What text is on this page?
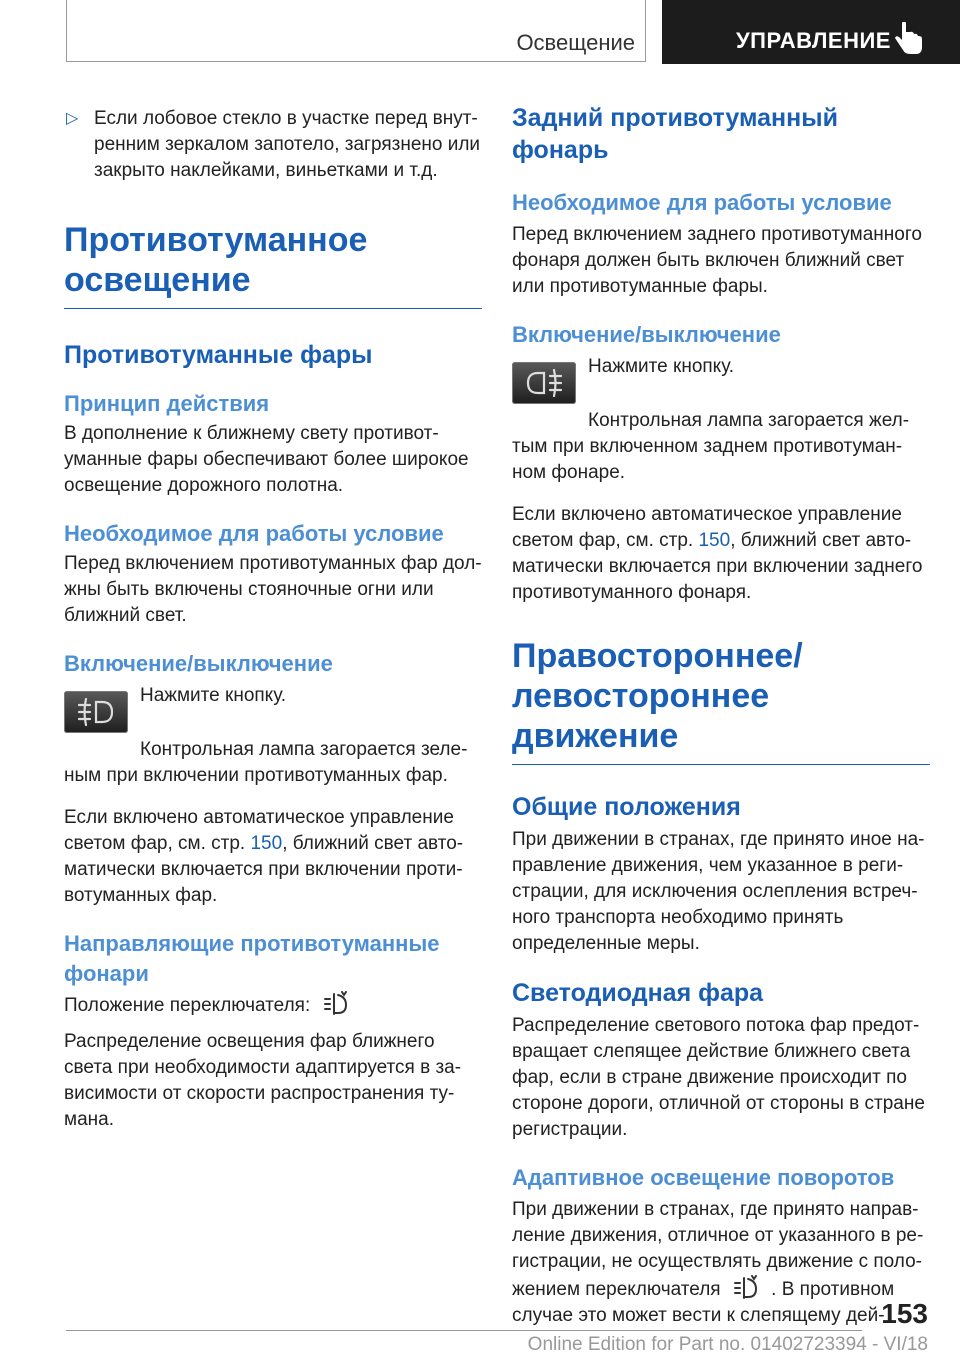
Освещение	УПРАВЛЕНИЕ

▷ Если лобовое стекло в участке перед внут‐ренним зеркалом запотело, загрязнено или закрыто наклейками, виньетками и т.д.

Противотуманное освещение
Противотуманные фары
Принцип действия

В дополнение к ближнему свету противот‐уманные фары обеспечивают более широкое освещение дорожного полотна.

Необходимое для работы условие

Перед включением противотуманных фар дол‐жны быть включены стояночные огни или ближний свет.

Включение/выключение

Нажмите кнопку.

Контрольная лампа загорается зеле‐ным при включении противотуманных фар.

Если включено автоматическое управление светом фар, см. стр. 150, ближний свет авто‐матически включается при включении проти‐вотуманных фар.

Направляющие противотуманные фонари

Положение переключателя:

Распределение освещения фар ближнего света при необходимости адаптируется в за‐висимости от скорости распространения ту‐мана.

Задний противотуманный фонарь
Необходимое для работы условие

Перед включением заднего противотуманного фонаря должен быть включен ближний свет или противотуманные фары.

Включение/выключение

Нажмите кнопку.

Контрольная лампа загорается жел‐тым при включенном заднем противотуман‐ном фонаре.

Если включено автоматическое управление светом фар, см. стр. 150, ближний свет авто‐матически включается при включении заднего противотуманного фонаря.

Правостороннее/левостороннее движение
Общие положения

При движении в странах, где принято иное на‐правление движения, чем указанное в реги‐страции, для исключения ослепления встреч‐ного транспорта необходимо принять определенные меры.

Светодиодная фара

Распределение светового потока фар предот‐вращает слепящее действие ближнего света фар, если в стране движение происходит по стороне дороги, отличной от стороны в стране регистрации.

Адаптивное освещение поворотов

При движении в странах, где принято направ‐ление движения, отличное от указанного в ре‐гистрации, не осуществлять движение с поло‐жением переключателя	. В противном случае это может вести к слепящему дей‐

153
Online Edition for Part no. 01402723394 - VI/18
